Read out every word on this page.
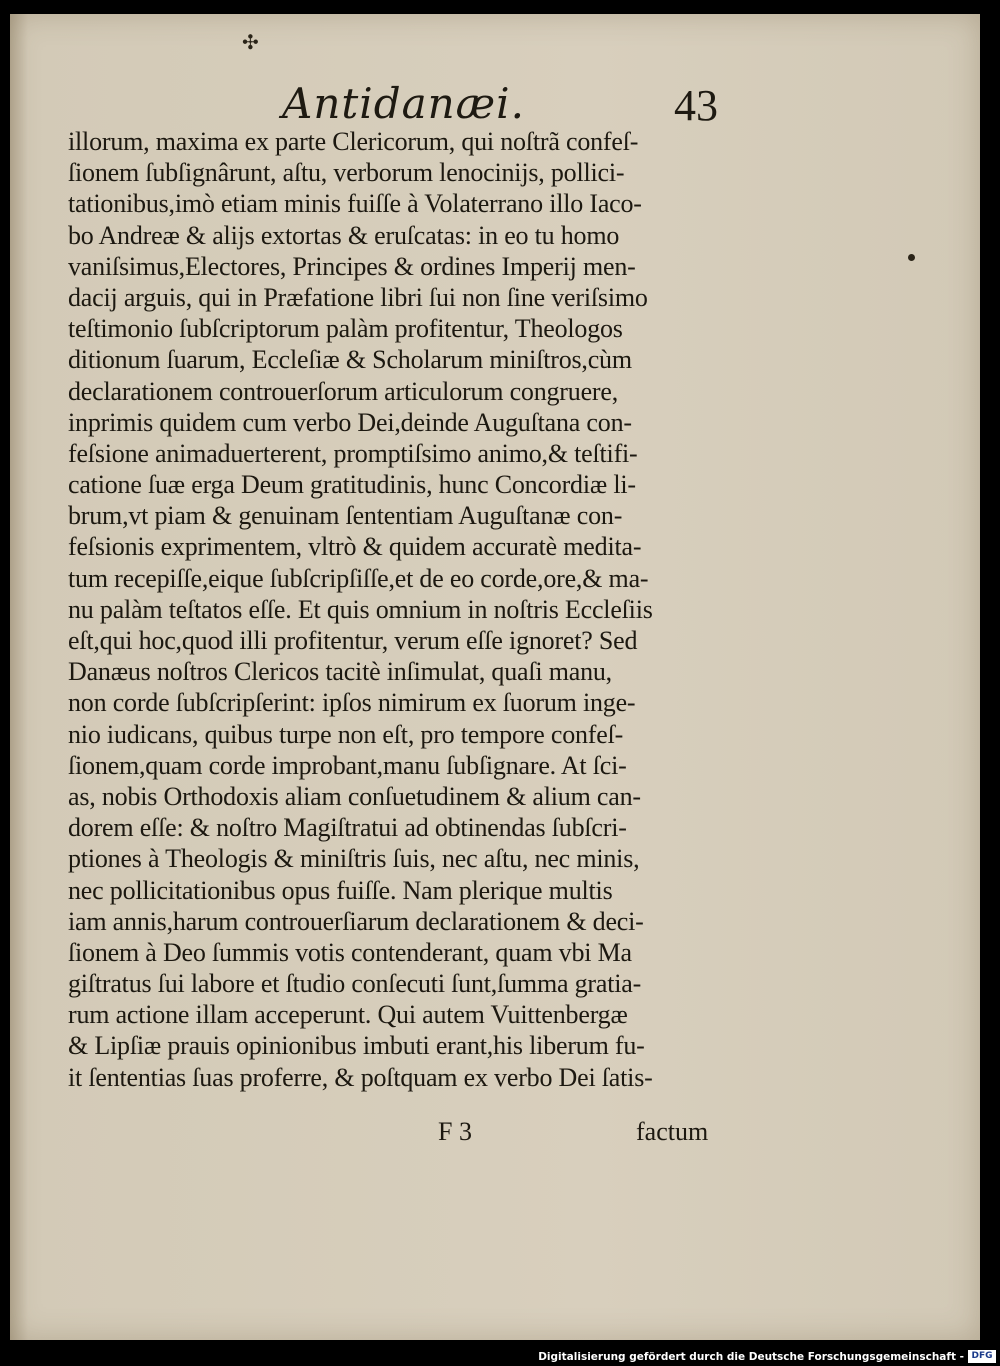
✣
Antidanæi.	43
illorum, maxima ex parte Clericorum, qui noſtrã confeſ-
ſionem ſubſignârunt, aſtu, verborum lenocinijs, pollici-
tationibus,imò etiam minis fuiſſe à Volaterrano illo Iaco-
bo Andreæ & alijs extortas & eruſcatas: in eo tu homo
vaniſsimus,Electores, Principes & ordines Imperij men-
dacij arguis, qui in Præfatione libri ſui non ſine veriſsimo
teſtimonio ſubſcriptorum palàm profitentur, Theologos
ditionum ſuarum, Eccleſiæ & Scholarum miniſtros,cùm
declarationem controuerſorum articulorum congruere,
inprimis quidem cum verbo Dei,deinde Auguſtana con-
feſsione animaduerterent, promptiſsimo animo,& teſtifi-
catione ſuæ erga Deum gratitudinis, hunc Concordiæ li-
brum,vt piam & genuinam ſententiam Auguſtanæ con-
feſsionis exprimentem, vltrò & quidem accuratè medita-
tum recepiſſe,eique ſubſcripſiſſe,et de eo corde,ore,& ma-
nu palàm teſtatos eſſe. Et quis omnium in noſtris Eccleſiis
eſt,qui hoc,quod illi profitentur, verum eſſe ignoret? Sed
Danæus noſtros Clericos tacitè inſimulat, quaſi manu,
non corde ſubſcripſerint: ipſos nimirum ex ſuorum inge-
nio iudicans, quibus turpe non eſt, pro tempore confeſ-
ſionem,quam corde improbant,manu ſubſignare. At ſci-
as, nobis Orthodoxis aliam conſuetudinem & alium can-
dorem eſſe: & noſtro Magiſtratui ad obtinendas ſubſcri-
ptiones à Theologis & miniſtris ſuis, nec aſtu, nec minis,
nec pollicitationibus opus fuiſſe. Nam plerique multis
iam annis,harum controuerſiarum declarationem & deci-
ſionem à Deo ſummis votis contenderant, quam vbi Ma
giſtratus ſui labore et ſtudio conſecuti ſunt,ſumma gratia-
rum actione illam acceperunt. Qui autem Vuittenbergæ
& Lipſiæ prauis opinionibus imbuti erant,his liberum fu-
it ſententias ſuas proferre, & poſtquam ex verbo Dei ſatis-
F 3	factum
Digitalisierung gefördert durch die Deutsche Forschungsgemeinschaft - DFG
